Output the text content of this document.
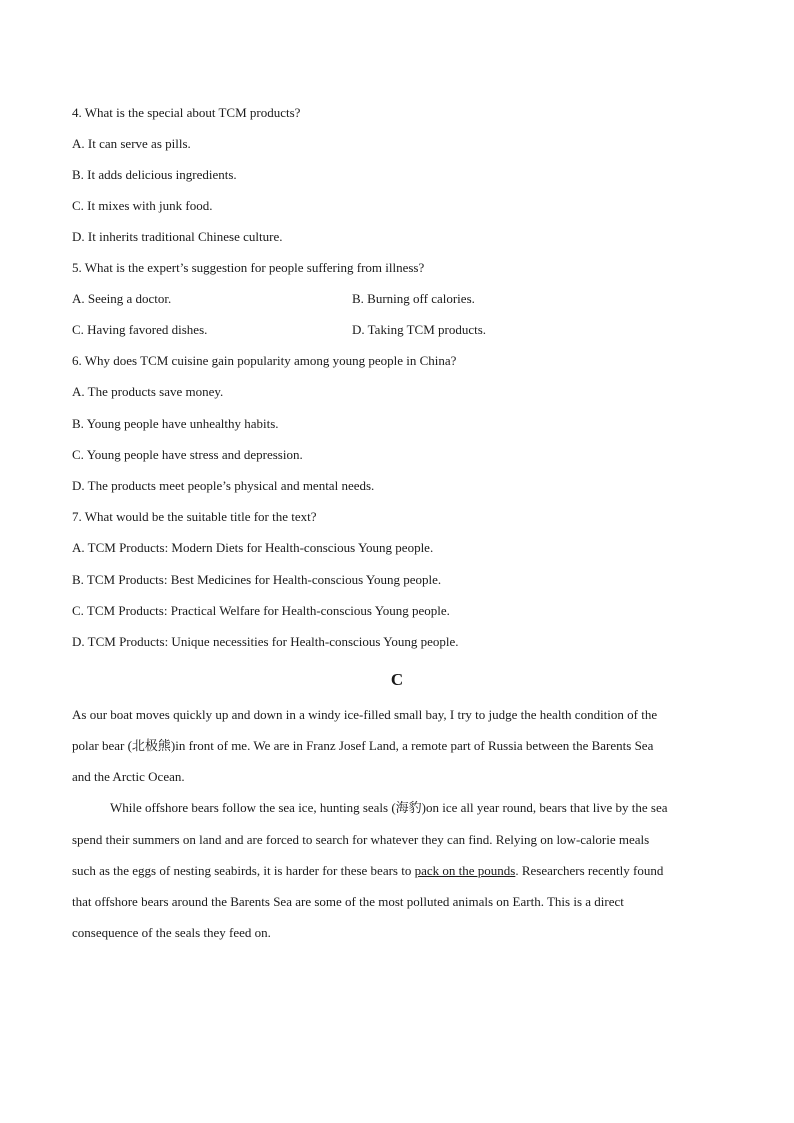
4. What is the special about TCM products?
A. It can serve as pills.
B. It adds delicious ingredients.
C. It mixes with junk food.
D. It inherits traditional Chinese culture.
5. What is the expert’s suggestion for people suffering from illness?
A. Seeing a doctor.	B. Burning off calories.
C. Having favored dishes.	D. Taking TCM products.
6. Why does TCM cuisine gain popularity among young people in China?
A. The products save money.
B. Young people have unhealthy habits.
C. Young people have stress and depression.
D. The products meet people’s physical and mental needs.
7. What would be the suitable title for the text?
A. TCM Products: Modern Diets for Health-conscious Young people.
B. TCM Products: Best Medicines for Health-conscious Young people.
C. TCM Products: Practical Welfare for Health-conscious Young people.
D. TCM Products: Unique necessities for Health-conscious Young people.
C
As our boat moves quickly up and down in a windy ice-filled small bay, I try to judge the health condition of the
polar bear (北极熊)in front of me. We are in Franz Josef Land, a remote part of Russia between the Barents Sea
and the Arctic Ocean.
While offshore bears follow the sea ice, hunting seals (海豹)on ice all year round, bears that live by the sea
spend their summers on land and are forced to search for whatever they can find. Relying on low-calorie meals
such as the eggs of nesting seabirds, it is harder for these bears to pack on the pounds. Researchers recently found
that offshore bears around the Barents Sea are some of the most polluted animals on Earth. This is a direct
consequence of the seals they feed on.
